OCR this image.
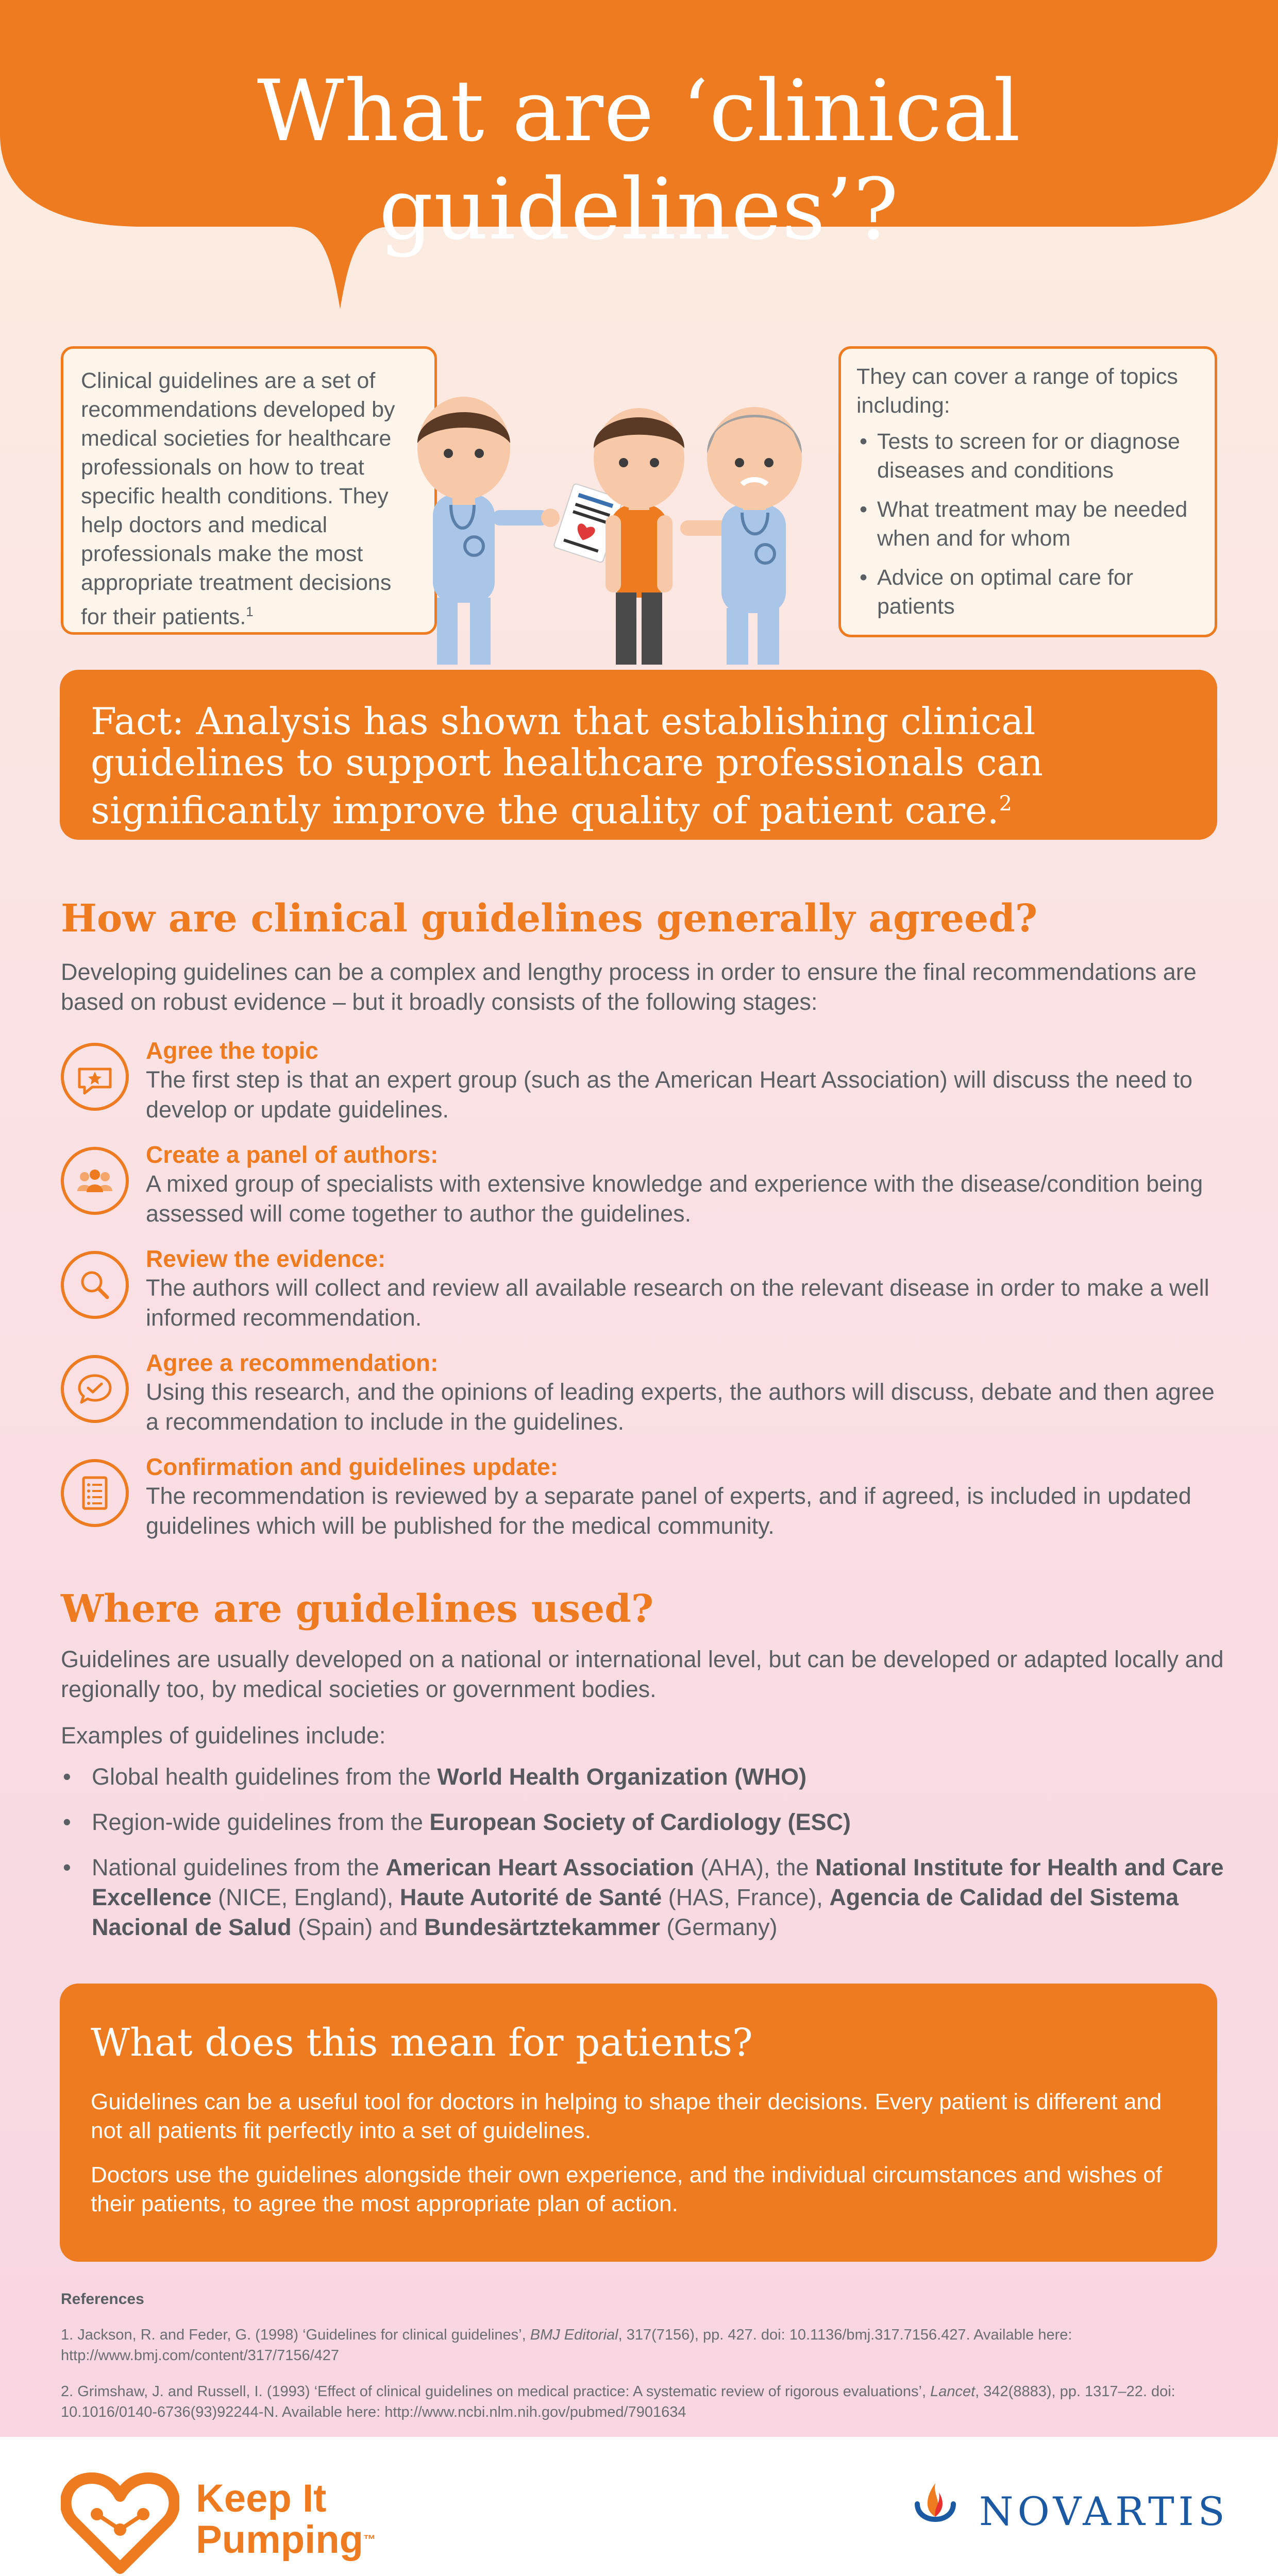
What are ‘clinical guidelines’?

Clinical guidelines are a set of recommendations developed by medical societies for healthcare professionals on how to treat specific health conditions. They help doctors and medical professionals make the most appropriate treatment decisions for their patients.$^1$

They can cover a range of topics including:

• Tests to screen for or diagnose diseases and conditions
• What treatment may be needed when and for whom
• Advice on optimal care for patients

Fact: Analysis has shown that establishing clinical guidelines to support healthcare professionals can significantly improve the quality of patient care.$^2$

How are clinical guidelines generally agreed?

Developing guidelines can be a complex and lengthy process in order to ensure the final recommendations are based on robust evidence – but it broadly consists of the following stages:

Agree the topic

The first step is that an expert group (such as the American Heart Association) will discuss the need to develop or update guidelines.

Create a panel of authors:

A mixed group of specialists with extensive knowledge and experience with the disease/condition being assessed will come together to author the guidelines.

Review the evidence:

The authors will collect and review all available research on the relevant disease in order to make a well informed recommendation.

Agree a recommendation:

Using this research, and the opinions of leading experts, the authors will discuss, debate and then agree a recommendation to include in the guidelines.

Confirmation and guidelines update:

The recommendation is reviewed by a separate panel of experts, and if agreed, is included in updated guidelines which will be published for the medical community.

Where are guidelines used?

Guidelines are usually developed on a national or international level, but can be developed or adapted locally and regionally too, by medical societies or government bodies.

Examples of guidelines include:

• Global health guidelines from the World Health Organization (WHO)
• Region-wide guidelines from the European Society of Cardiology (ESC)
• National guidelines from the American Heart Association (AHA), the National Institute for Health and Care Excellence (NICE, England), Haute Autorité de Santé (HAS, France), Agencia de Calidad del Sistema Nacional de Salud (Spain) and Bundesärtztekammer (Germany)
What does this mean for patients?

Guidelines can be a useful tool for doctors in helping to shape their decisions. Every patient is different and not all patients fit perfectly into a set of guidelines.

Doctors use the guidelines alongside their own experience, and the individual circumstances and wishes of their patients, to agree the most appropriate plan of action.

References

1. Jackson, R. and Feder, G. (1998) ‘Guidelines for clinical guidelines’, BMJ Editorial, 317(7156), pp. 427. doi: 10.1136/bmj.317.7156.427. Available here: http://www.bmj.com/content/317/7156/427

2. Grimshaw, J. and Russell, I. (1993) ‘Effect of clinical guidelines on medical practice: A systematic review of rigorous evaluations’, Lancet, 342(8883), pp. 1317–22. doi: 10.1016/0140-6736(93)92244-N. Available here: http://www.ncbi.nlm.nih.gov/pubmed/7901634

Keep It
Pumping™
NOVARTIS
